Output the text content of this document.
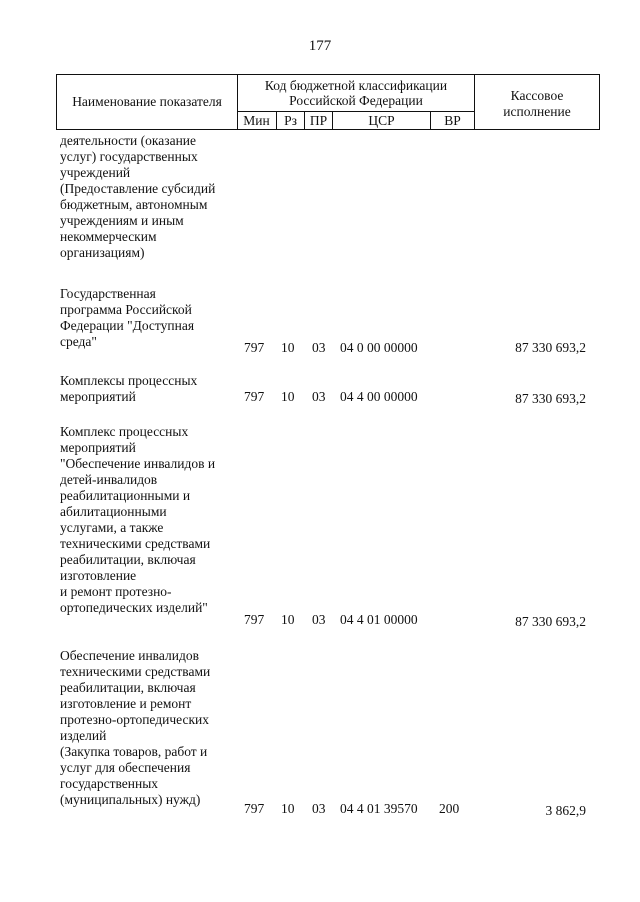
177
Наименование показателя
Код бюджетной классификации
Российской Федерации
Мин	Рз ПР	ЦСР	ВР
Кассовое
исполнение
деятельности (оказание
услуг) государственных
учреждений
(Предоставление субсидий
бюджетным, автономным
учреждениям и иным
некоммерческим
организациям)
Государственная
программа Российской
Федерации "Доступная
среда"	797 10 03 04 0 00 00000	87 330 693,2
Комплексы процессных
мероприятий	797 10 03 04 4 00 00000	87 330 693,2
Комплекс процессных
мероприятий
"Обеспечение инвалидов и
детей-инвалидов
реабилитационными и
абилитационными
услугами, а также
техническими средствами
реабилитации, включая
изготовление
и ремонт протезно-
ортопедических изделий"
797 10 03 04 4 01 00000	87 330 693,2
Обеспечение инвалидов
техническими средствами
реабилитации, включая
изготовление и ремонт
протезно-ортопедических
изделий
(Закупка товаров, работ и
услуг для обеспечения
государственных
(муниципальных) нужд)
797 10 03 04 4 01 39570 200	3 862,9
